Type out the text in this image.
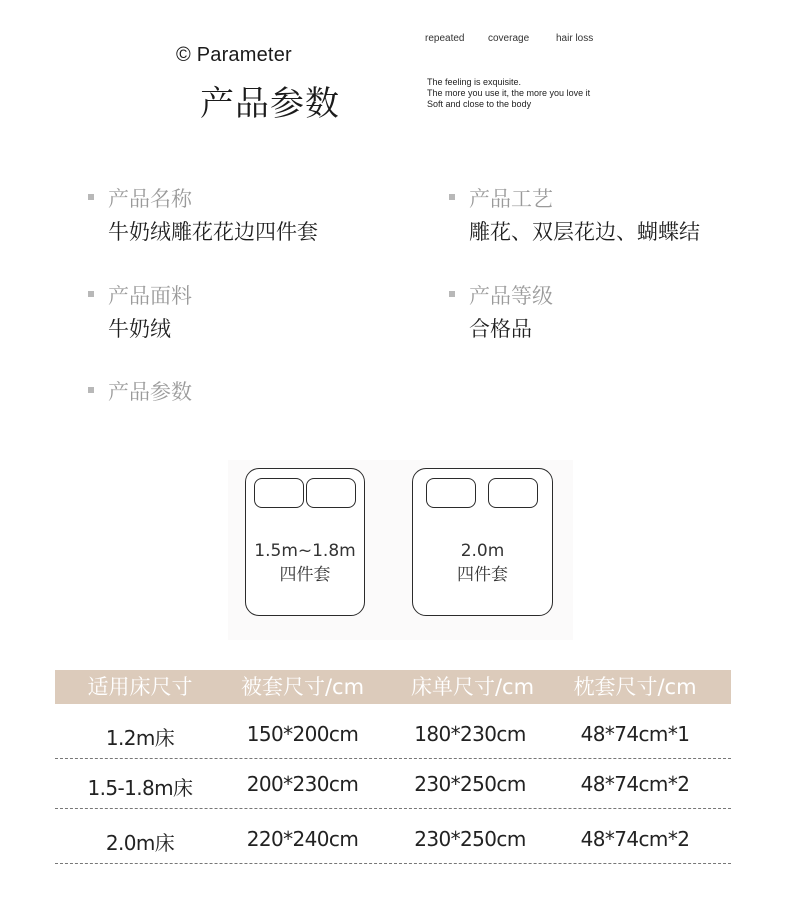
© Parameter
产品参数
repeated coverage	hair loss
The feeling is exquisite.
The more you use it, the more you love it
Soft and close to the body
产品名称
牛奶绒雕花花边四件套
产品面料
牛奶绒
产品参数
产品工艺
雕花、双层花边、蝴蝶结
产品等级
合格品
1.5m~1.8m
四件套
2.0m
四件套
适用床尺寸	被套尺寸/cm	床单尺寸/cm	枕套尺寸/cm
1.2m床	150*200cm	180*230cm	48*74cm*1
1.5-1.8m床	200*230cm	230*250cm	48*74cm*2
2.0m床	220*240cm	230*250cm	48*74cm*2
